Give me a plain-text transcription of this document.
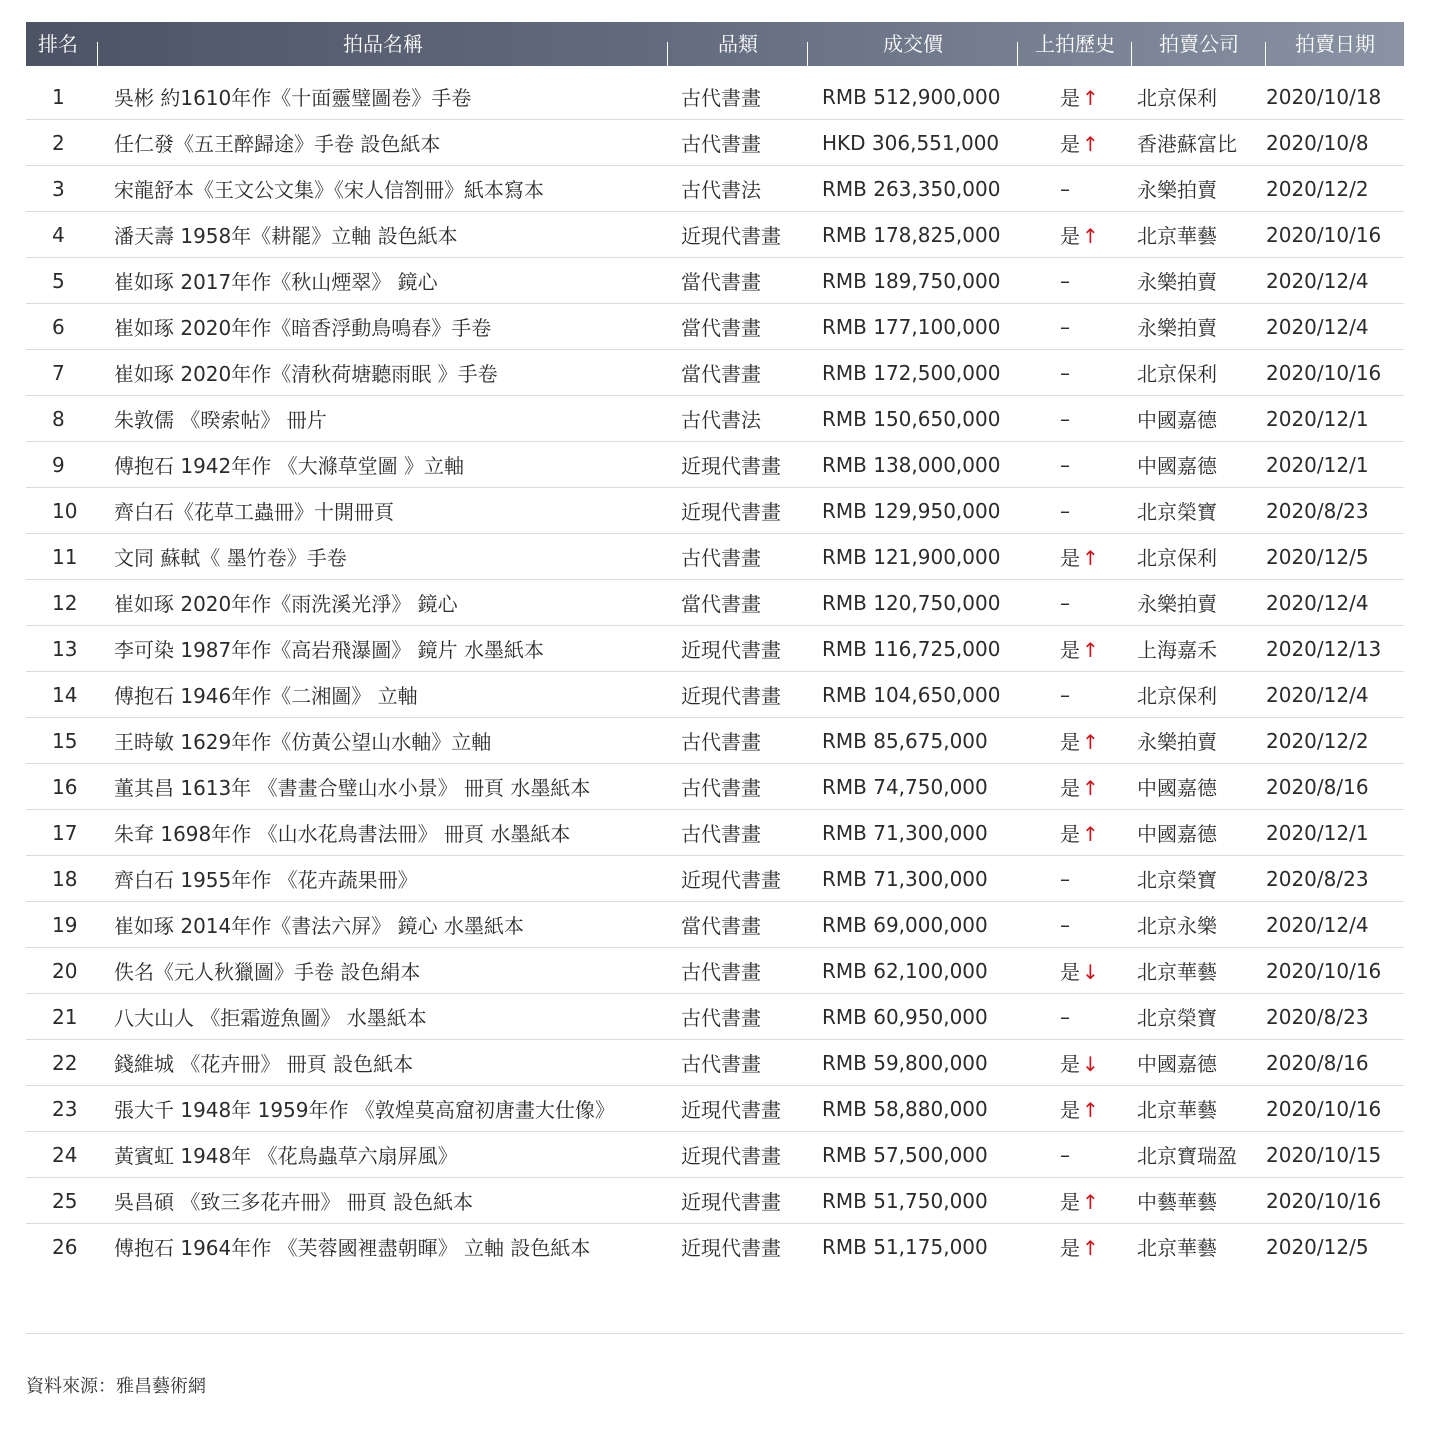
排名	拍品名稱	品類	成交價	上拍歷史	拍賣公司	拍賣日期
1	吳彬 約1610年作《十面靈璧圖卷》手卷	古代書畫	RMB 512,900,000	是 ↑	北京保利	2020/10/18
2	任仁發《五王醉歸途》手卷 設色紙本	古代書畫	HKD 306,551,000	是 ↑	香港蘇富比	2020/10/8
3	宋龍舒本《王文公文集》《宋人信劄冊》紙本寫本	古代書法	RMB 263,350,000	–	永樂拍賣	2020/12/2
4	潘天壽 1958年《耕罷》立軸 設色紙本	近現代書畫	RMB 178,825,000	是 ↑	北京華藝	2020/10/16
5	崔如琢 2017年作《秋山煙翠》 鏡心	當代書畫	RMB 189,750,000	–	永樂拍賣	2020/12/4
6	崔如琢 2020年作《暗香浮動鳥鳴春》手卷	當代書畫	RMB 177,100,000	–	永樂拍賣	2020/12/4
7	崔如琢 2020年作《清秋荷塘聽雨眠 》手卷	當代書畫	RMB 172,500,000	–	北京保利	2020/10/16
8	朱敦儒 《暌索帖》 冊片	古代書法	RMB 150,650,000	–	中國嘉德	2020/12/1
9	傅抱石 1942年作 《大滌草堂圖 》立軸	近現代書畫	RMB 138,000,000	–	中國嘉德	2020/12/1
10	齊白石《花草工蟲冊》十開冊頁	近現代書畫	RMB 129,950,000	–	北京榮寶	2020/8/23
11	文同 蘇軾《 墨竹卷》手卷	古代書畫	RMB 121,900,000	是 ↑	北京保利	2020/12/5
12	崔如琢 2020年作《雨洗溪光淨》 鏡心	當代書畫	RMB 120,750,000	–	永樂拍賣	2020/12/4
13	李可染 1987年作《高岩飛瀑圖》 鏡片 水墨紙本	近現代書畫	RMB 116,725,000	是 ↑	上海嘉禾	2020/12/13
14	傅抱石 1946年作《二湘圖》 立軸	近現代書畫	RMB 104,650,000	–	北京保利	2020/12/4
15	王時敏 1629年作《仿黃公望山水軸》立軸	古代書畫	RMB 85,675,000	是 ↑	永樂拍賣	2020/12/2
16	董其昌 1613年 《書畫合璧山水小景》 冊頁 水墨紙本	古代書畫	RMB 74,750,000	是 ↑	中國嘉德	2020/8/16
17	朱耷 1698年作 《山水花鳥書法冊》 冊頁 水墨紙本	古代書畫	RMB 71,300,000	是 ↑	中國嘉德	2020/12/1
18	齊白石 1955年作 《花卉蔬果冊》	近現代書畫	RMB 71,300,000	–	北京榮寶	2020/8/23
19	崔如琢 2014年作《書法六屏》 鏡心 水墨紙本	當代書畫	RMB 69,000,000	–	北京永樂	2020/12/4
20	佚名《元人秋獵圖》手卷 設色絹本	古代書畫	RMB 62,100,000	是 ↓	北京華藝	2020/10/16
21	八大山人 《拒霜遊魚圖》 水墨紙本	古代書畫	RMB 60,950,000	–	北京榮寶	2020/8/23
22	錢維城 《花卉冊》 冊頁 設色紙本	古代書畫	RMB 59,800,000	是 ↓	中國嘉德	2020/8/16
23	張大千 1948年 1959年作 《敦煌莫高窟初唐畫大仕像》	近現代書畫	RMB 58,880,000	是 ↑	北京華藝	2020/10/16
24	黃賓虹 1948年 《花鳥蟲草六扇屏風》	近現代書畫	RMB 57,500,000	–	北京寶瑞盈	2020/10/15
25	吳昌碩 《致三多花卉冊》 冊頁 設色紙本	近現代書畫	RMB 51,750,000	是 ↑	中藝華藝	2020/10/16
26	傅抱石 1964年作 《芙蓉國裡盡朝暉》 立軸 設色紙本	近現代書畫	RMB 51,175,000	是 ↑	北京華藝	2020/12/5
資料來源：雅昌藝術網
